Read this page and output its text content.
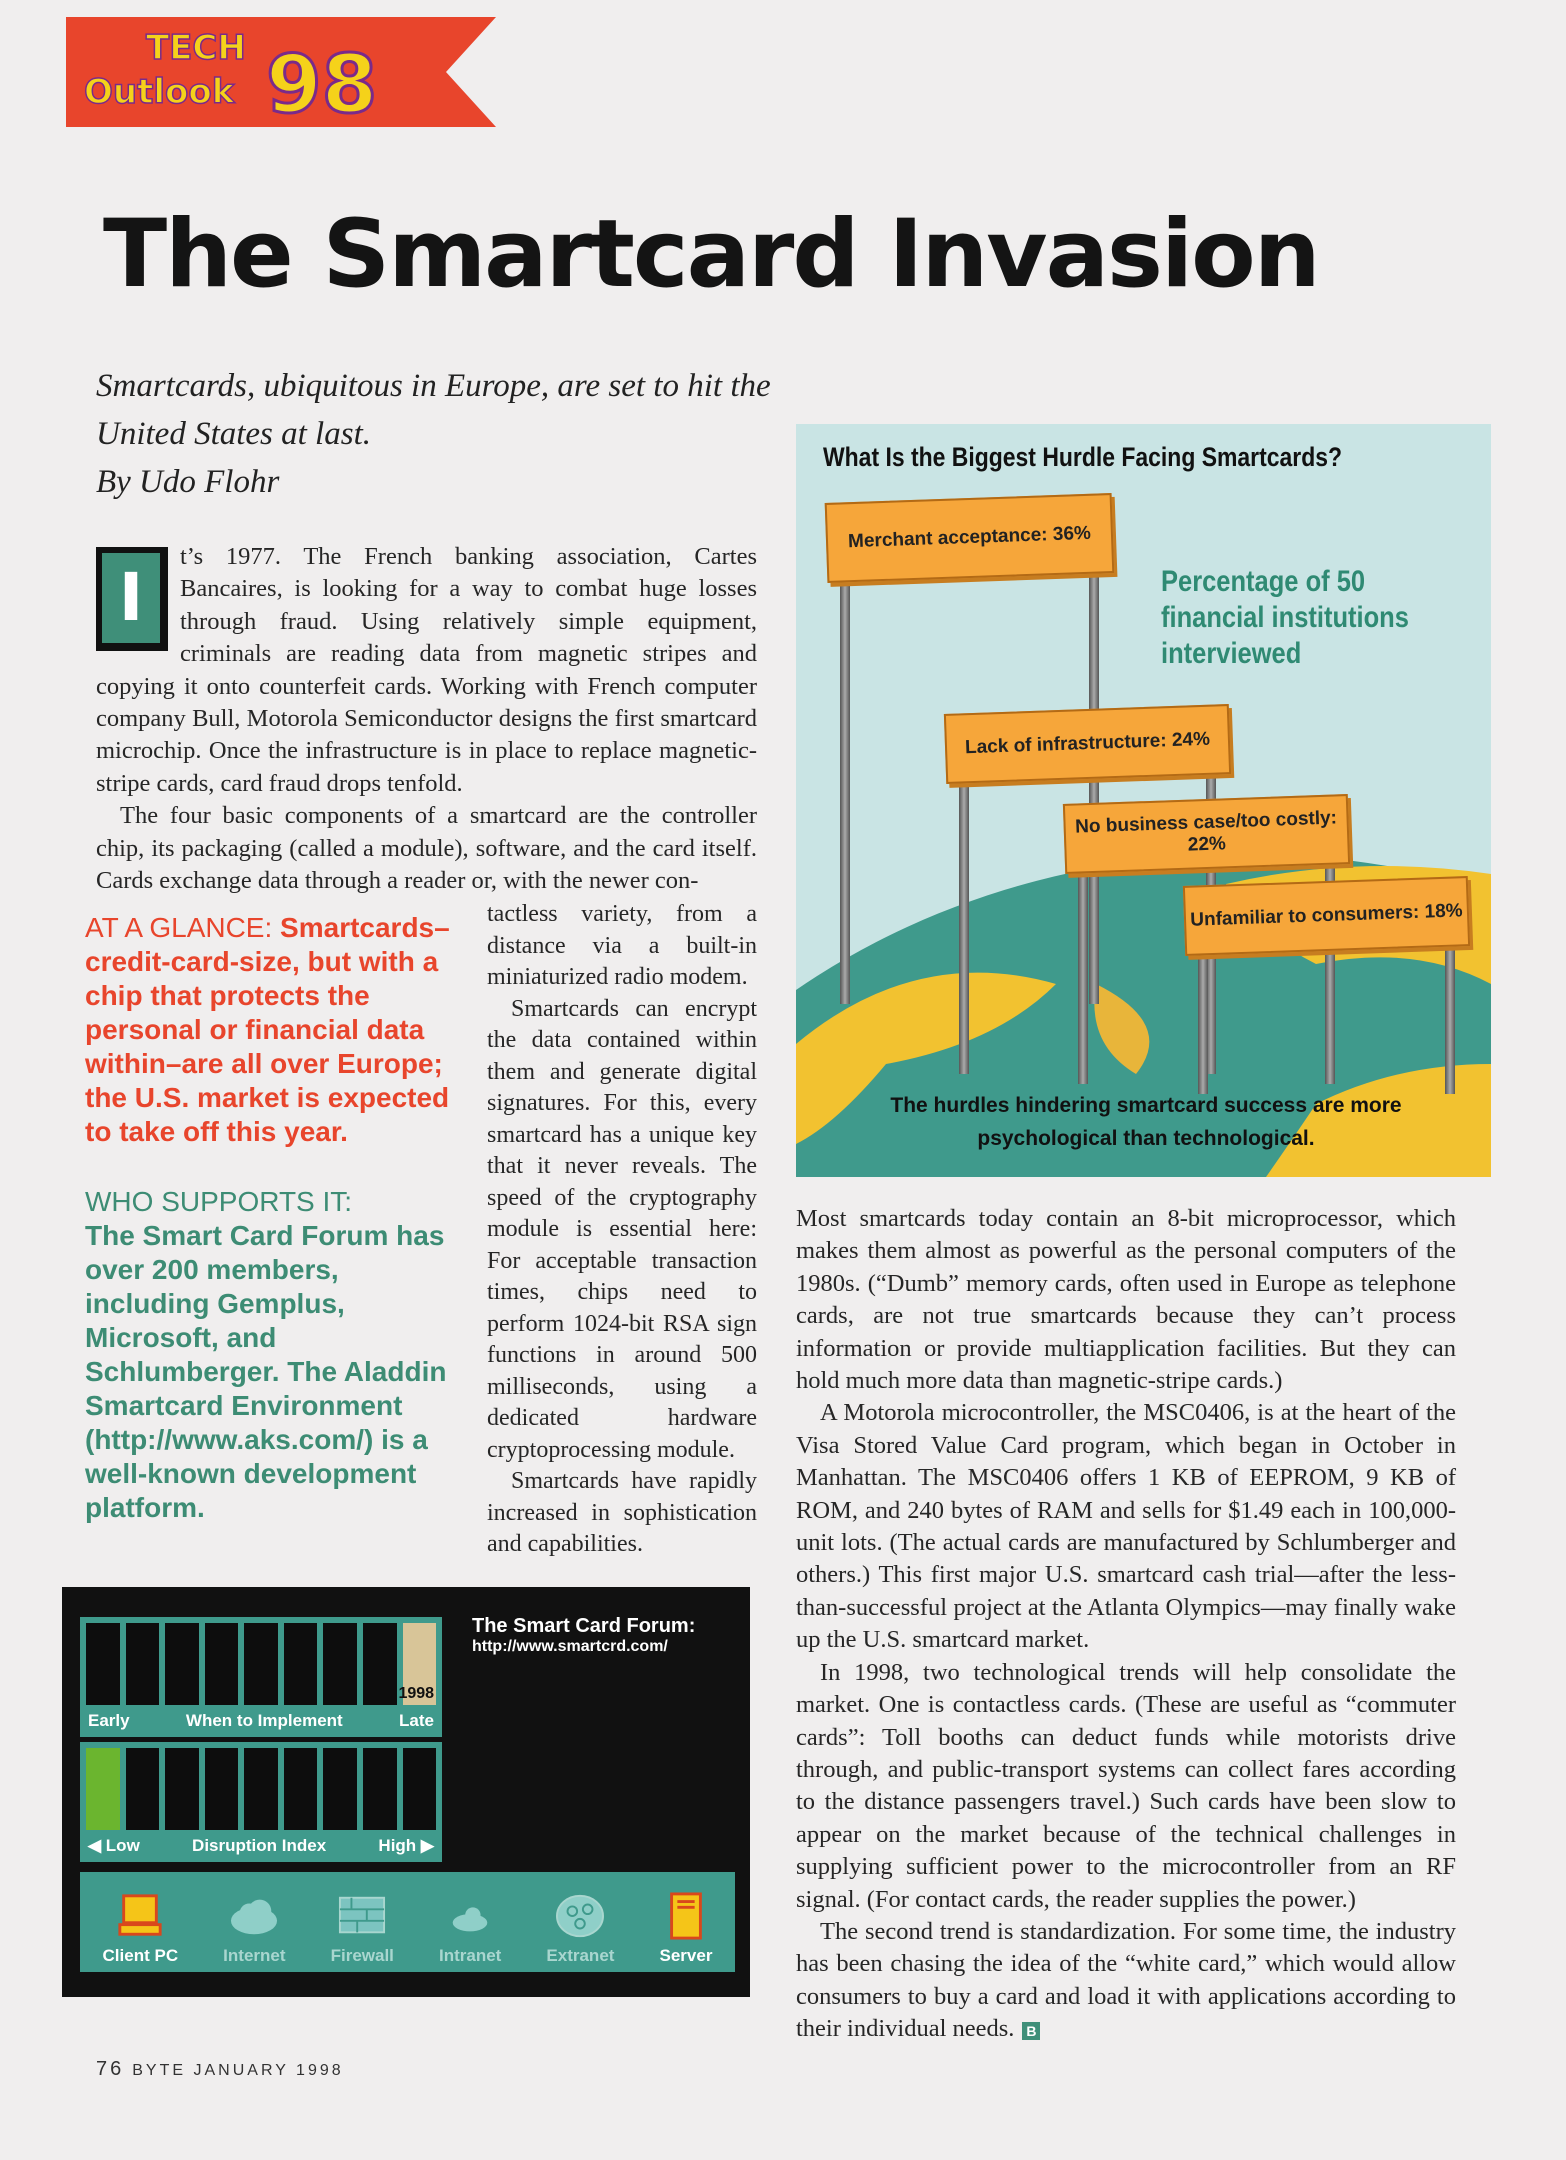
TECH
Outlook 98
The Smartcard Invasion
Smartcards, ubiquitous in Europe, are set to hit the United States at last.
By Udo Flohr
I

t’s 1977. The French banking association, Cartes Bancaires, is looking for a way to combat huge losses through fraud. Using relatively simple equipment, criminals are reading data from magnetic stripes and copying it onto counterfeit cards. Working with French computer company Bull, Motorola Semiconductor designs the first smartcard microchip. Once the infrastructure is in place to replace magnetic-stripe cards, card fraud drops tenfold.

The four basic components of a smartcard are the controller chip, its packaging (called a module), software, and the card itself. Cards exchange data through a reader or, with the newer con-

AT A GLANCE: Smartcards–credit-card-size, but with a chip that protects the personal or financial data within–are all over Europe; the U.S. market is expected to take off this year.
WHO SUPPORTS IT:
The Smart Card Forum has over 200 members, including Gemplus, Microsoft, and Schlumberger. The Aladdin Smartcard Environment (http://www.aks.com/) is a well-known development platform.

tactless variety, from a distance via a built-in miniaturized radio modem.

Smartcards can encrypt the data contained within them and generate digital signatures. For this, every smartcard has a unique key that it never reveals. The speed of the cryptography module is essential here: For acceptable transaction times, chips need to perform 1024-bit RSA sign functions in around 500 milliseconds, using a dedicated hardware cryptoprocessing module.

Smartcards have rapidly increased in sophistication and capabilities.

1998
Early	When to Implement	Late
◀ Low	Disruption Index	High ▶
The Smart Card Forum:
http://www.smartcrd.com/
Client PC	Internet	Firewall	Intranet	Extranet	Server
What Is the Biggest Hurdle Facing Smartcards?
Percentage of 50 financial institutions interviewed
Merchant acceptance: 36%
Lack of infrastructure: 24%
No business case/too costly: 22%
Unfamiliar to consumers: 18%
The hurdles hindering smartcard success are more psychological than technological.

Most smartcards today contain an 8-bit microprocessor, which makes them almost as powerful as the personal computers of the 1980s. (“Dumb” memory cards, often used in Europe as telephone cards, are not true smartcards because they can’t process information or provide multiapplication facilities. But they can hold much more data than magnetic-stripe cards.)

A Motorola microcontroller, the MSC0406, is at the heart of the Visa Stored Value Card program, which began in October in Manhattan. The MSC0406 offers 1 KB of EEPROM, 9 KB of ROM, and 240 bytes of RAM and sells for $1.49 each in 100,000-unit lots. (The actual cards are manufactured by Schlumberger and others.) This first major U.S. smartcard cash trial—after the less-than-successful project at the Atlanta Olympics—may finally wake up the U.S. smartcard market.

In 1998, two technological trends will help consolidate the market. One is contactless cards. (These are useful as “commuter cards”: Toll booths can deduct funds while motorists drive through, and public-transport systems can collect fares according to the distance passengers travel.) Such cards have been slow to appear on the market because of the technical challenges in supplying sufficient power to the microcontroller from an RF signal. (For contact cards, the reader supplies the power.)

The second trend is standardization. For some time, the industry has been chasing the idea of the “white card,” which would allow consumers to buy a card and load it with applications according to their individual needs. B

76 BYTE JANUARY 1998
